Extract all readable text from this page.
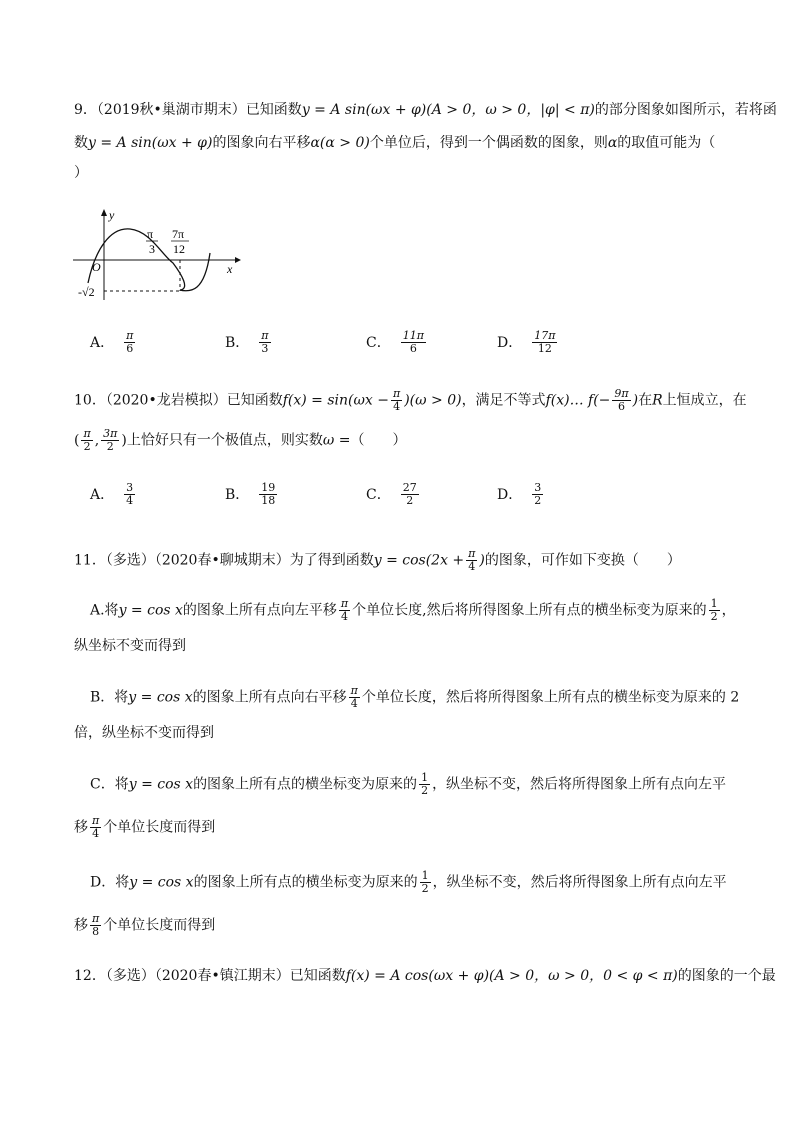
9．（2019秋•巢湖市期末）已知函数y = A sin(ωx + φ)(A > 0，ω > 0，|φ| < π)的部分图象如图所示，若将函
数y = A sin(ωx + φ)的图象向右平移α(α > 0)个单位后，得到一个偶函数的图象，则α的取值可能为（
）
y
x
O
π
3
7π
12
-√2
A． $\frac{\pi}{6}$	B． $\frac{\pi}{3}$	C． $\frac{11\pi}{6}$	D． $\frac{17\pi}{12}$
10．（2020•龙岩模拟）已知函数$f(x) = \sin(\omega x - \frac{\pi}{4} )(\omega > 0)$，满足不等式f(x)… $f(- \frac{9\pi}{6}$ )在R上恒成立，在
( $\frac{\pi}{2}$ , $\frac{3\pi}{2}$ )上恰好只有一个极值点，则实数ω =（　　）
A． $\frac{3}{4}$	B． $\frac{19}{18}$	C． $\frac{27}{2}$	D． $\frac{3}{2}$
11．（多选）（2020春•聊城期末）为了得到函数$y = \cos(2x + \frac{\pi}{4}$ )的图象，可作如下变换（　　）
A.将y = cos x的图象上所有点向左平移 $\frac{\pi}{4}$ 个单位长度,然后将所得图象上所有点的横坐标变为原来的 $\frac{1}{2}$ ，
纵坐标不变而得到
B．将y = cos x的图象上所有点向右平移 $\frac{\pi}{4}$ 个单位长度，然后将所得图象上所有点的横坐标变为原来的 2
倍，纵坐标不变而得到
C．将y = cos x的图象上所有点的横坐标变为原来的 $\frac{1}{2}$ ，纵坐标不变，然后将所得图象上所有点向左平
移 $\frac{\pi}{4}$ 个单位长度而得到
D．将y = cos x的图象上所有点的横坐标变为原来的 $\frac{1}{2}$ ，纵坐标不变，然后将所得图象上所有点向左平
移 $\frac{\pi}{8}$ 个单位长度而得到
12．（多选）（2020春•镇江期末）已知函数f(x) = A cos(ωx + φ)(A > 0，ω > 0，0 < φ < π)的图象的一个最
